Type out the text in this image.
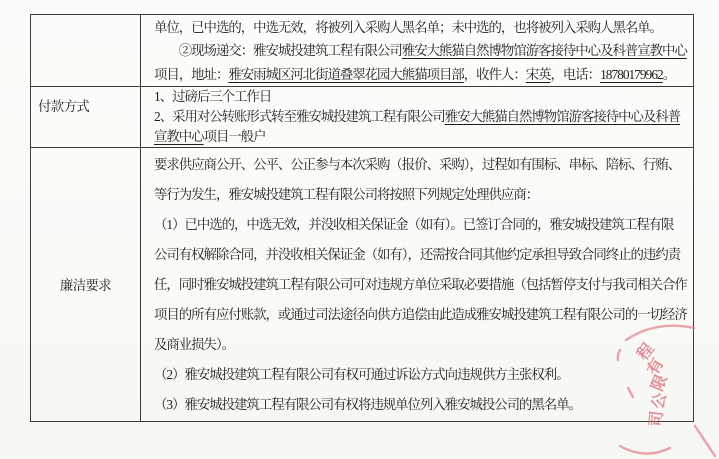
单位，已中选的，中选无效，将被列入采购人黑名单；未中选的，也将被列入采购人黑名单。
　　②现场递交：雅安城投建筑工程有限公司雅安大熊猫自然博物馆游客接待中心及科普宣教中心
项目，地址：雅安雨城区河北街道叠翠花园大熊猫项目部，收件人：宋英，电话：18780179962。
付款方式
1、过磅后三个工作日
2、采用对公转账形式转至雅安城投建筑工程有限公司雅安大熊猫自然博物馆游客接待中心及科普
宣教中心项目一般户
廉洁要求
要求供应商公开、公平、公正参与本次采购（报价、采购），过程如有围标、串标、陪标、行贿、
等行为发生，雅安城投建筑工程有限公司将按照下列规定处理供应商：
（1）已中选的，中选无效，并没收相关保证金（如有）。已签订合同的，雅安城投建筑工程有限
公司有权解除合同，并没收相关保证金（如有），还需按合同其他约定承担导致合同终止的违约责
任，同时雅安城投建筑工程有限公司可对违规方单位采取必要措施（包括暂停支付与我司相关合作
项目的所有应付账款，或通过司法途径向供方追偿由此造成雅安城投建筑工程有限公司的一切经济
及商业损失）。
（2）雅安城投建筑工程有限公司有权可通过诉讼方式向违规供方主张权利。
（3）雅安城投建筑工程有限公司有权将违规单位列入雅安城投公司的黑名单。
程
有
限
公
司
